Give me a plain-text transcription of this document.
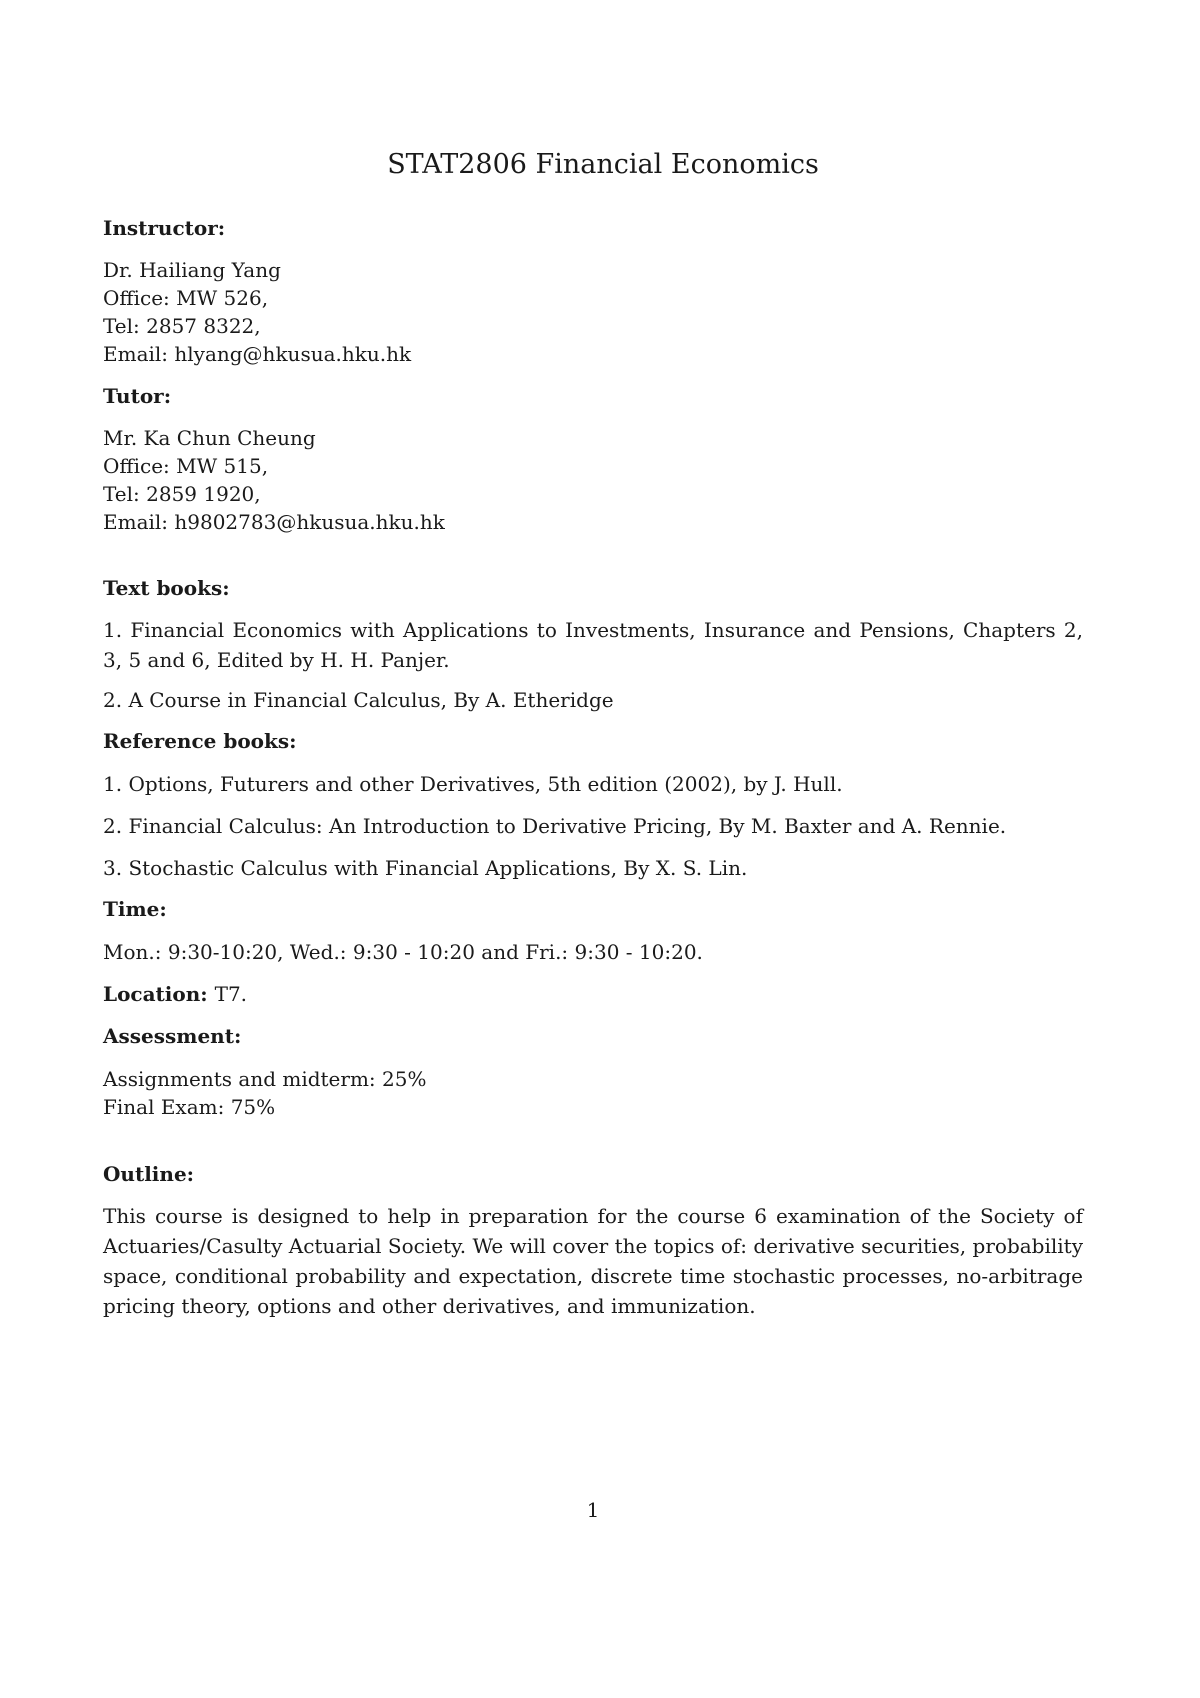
STAT2806 Financial Economics
Instructor:
Dr. Hailiang Yang
Office: MW 526,
Tel: 2857 8322,
Email: hlyang@hkusua.hku.hk
Tutor:
Mr. Ka Chun Cheung
Office: MW 515,
Tel: 2859 1920,
Email: h9802783@hkusua.hku.hk
Text books:
1. Financial Economics with Applications to Investments, Insurance and Pensions, Chapters 2, 3, 5 and 6, Edited by H. H. Panjer.
2. A Course in Financial Calculus, By A. Etheridge
Reference books:
1. Options, Futurers and other Derivatives, 5th edition (2002), by J. Hull.
2. Financial Calculus: An Introduction to Derivative Pricing, By M. Baxter and A. Rennie.
3. Stochastic Calculus with Financial Applications, By X. S. Lin.
Time:
Mon.: 9:30-10:20, Wed.: 9:30 - 10:20 and Fri.: 9:30 - 10:20.
Location: T7.
Assessment:
Assignments and midterm: 25%
Final Exam: 75%
Outline:
This course is designed to help in preparation for the course 6 examination of the Society of Actuaries/Casulty Actuarial Society. We will cover the topics of: derivative securities, probability space, conditional probability and expectation, discrete time stochastic processes, no-arbitrage pricing theory, options and other derivatives, and immunization.
1
